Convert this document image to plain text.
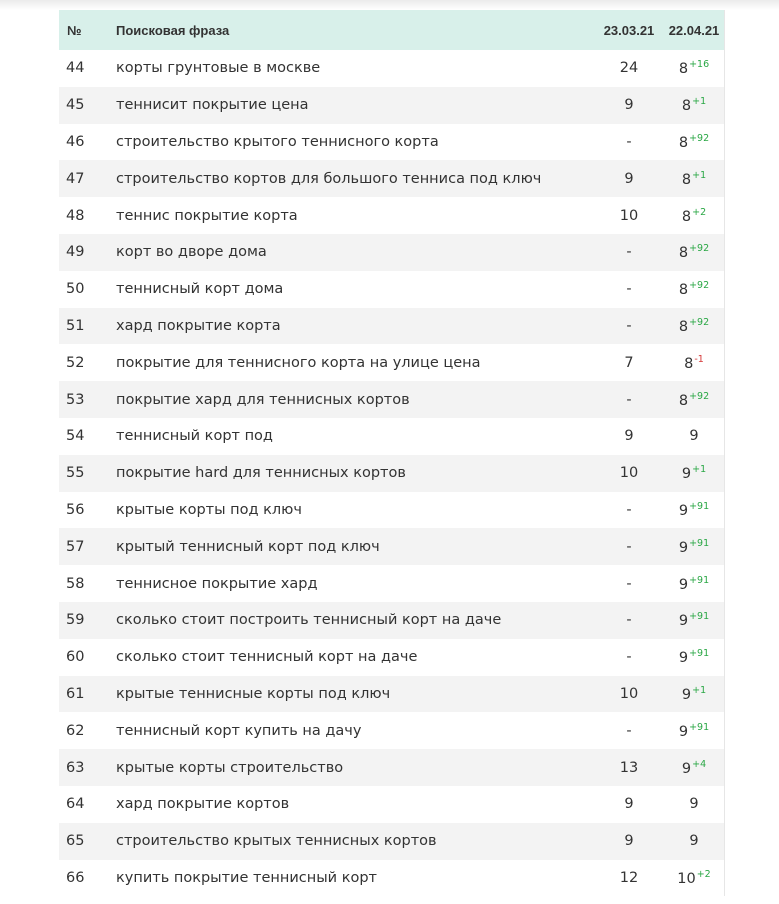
№	Поисковая фраза	23.03.21	22.04.21
44	корты грунтовые в москве	24	$8^{+16}$
45	теннисит покрытие цена	9	$8^{+1}$
46	строительство крытого теннисного корта	-	$8^{+92}$
47	строительство кортов для большого тенниса под ключ	9	$8^{+1}$
48	теннис покрытие корта	10	$8^{+2}$
49	корт во дворе дома	-	$8^{+92}$
50	теннисный корт дома	-	$8^{+92}$
51	хард покрытие корта	-	$8^{+92}$
52	покрытие для теннисного корта на улице цена	7	$8^{-1}$
53	покрытие хард для теннисных кортов	-	$8^{+92}$
54	теннисный корт под	9	9
55	покрытие hard для теннисных кортов	10	$9^{+1}$
56	крытые корты под ключ	-	$9^{+91}$
57	крытый теннисный корт под ключ	-	$9^{+91}$
58	теннисное покрытие хард	-	$9^{+91}$
59	сколько стоит построить теннисный корт на даче	-	$9^{+91}$
60	сколько стоит теннисный корт на даче	-	$9^{+91}$
61	крытые теннисные корты под ключ	10	$9^{+1}$
62	теннисный корт купить на дачу	-	$9^{+91}$
63	крытые корты строительство	13	$9^{+4}$
64	хард покрытие кортов	9	9
65	строительство крытых теннисных кортов	9	9
66	купить покрытие теннисный корт	12	$10^{+2}$
